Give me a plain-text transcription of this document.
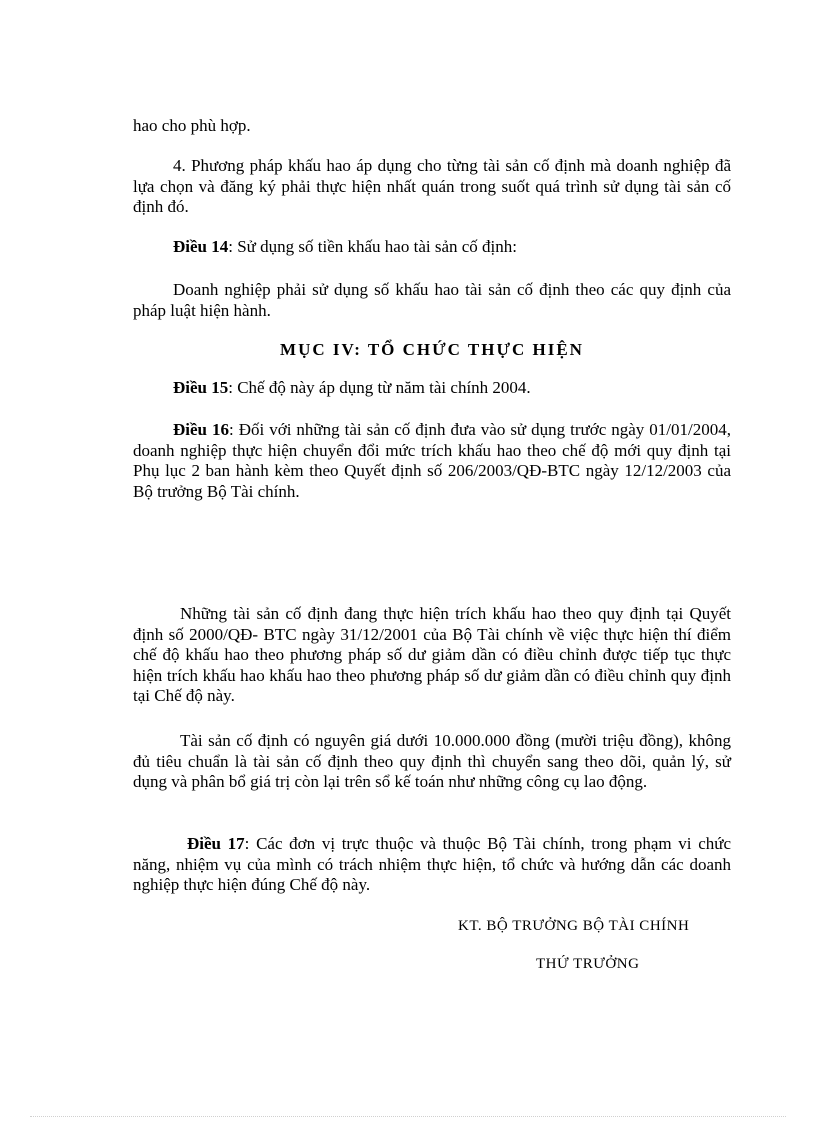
hao cho phù hợp.

4. Phương pháp khấu hao áp dụng cho từng tài sản cố định mà doanh nghiệp đã lựa chọn và đăng ký phải thực hiện nhất quán trong suốt quá trình sử dụng tài sản cố định đó.

Điều 14: Sử dụng số tiền khấu hao tài sản cố định:

Doanh nghiệp phải sử dụng số khấu hao tài sản cố định theo các quy định của pháp luật hiện hành.

MỤC IV: TỔ CHỨC THỰC HIỆN

Điều 15: Chế độ này áp dụng từ năm tài chính 2004.

Điều 16: Đối với những tài sản cố định đưa vào sử dụng trước ngày 01/01/2004, doanh nghiệp thực hiện chuyển đổi mức trích khấu hao theo chế độ mới quy định tại Phụ lục 2 ban hành kèm theo Quyết định số 206/2003/QĐ-BTC ngày 12/12/2003 của Bộ trưởng Bộ Tài chính.

Những tài sản cố định đang thực hiện trích khấu hao theo quy định tại Quyết định số 2000/QĐ- BTC ngày 31/12/2001 của Bộ Tài chính về việc thực hiện thí điểm chế độ khấu hao theo phương pháp số dư giảm dần có điều chỉnh được tiếp tục thực hiện trích khấu hao khấu hao theo phương pháp số dư giảm dần có điều chỉnh quy định tại Chế độ này.

Tài sản cố định có nguyên giá dưới 10.000.000 đồng (mười triệu đồng), không đủ tiêu chuẩn là tài sản cố định theo quy định thì chuyển sang theo dõi, quản lý, sử dụng và phân bổ giá trị còn lại trên sổ kế toán như những công cụ lao động.

Điều 17: Các đơn vị trực thuộc và thuộc Bộ Tài chính, trong phạm vi chức năng, nhiệm vụ của mình có trách nhiệm thực hiện, tổ chức và hướng dẫn các doanh nghiệp thực hiện đúng Chế độ này.

KT. BỘ TRƯỞNG BỘ TÀI CHÍNH

THỨ TRƯỞNG
